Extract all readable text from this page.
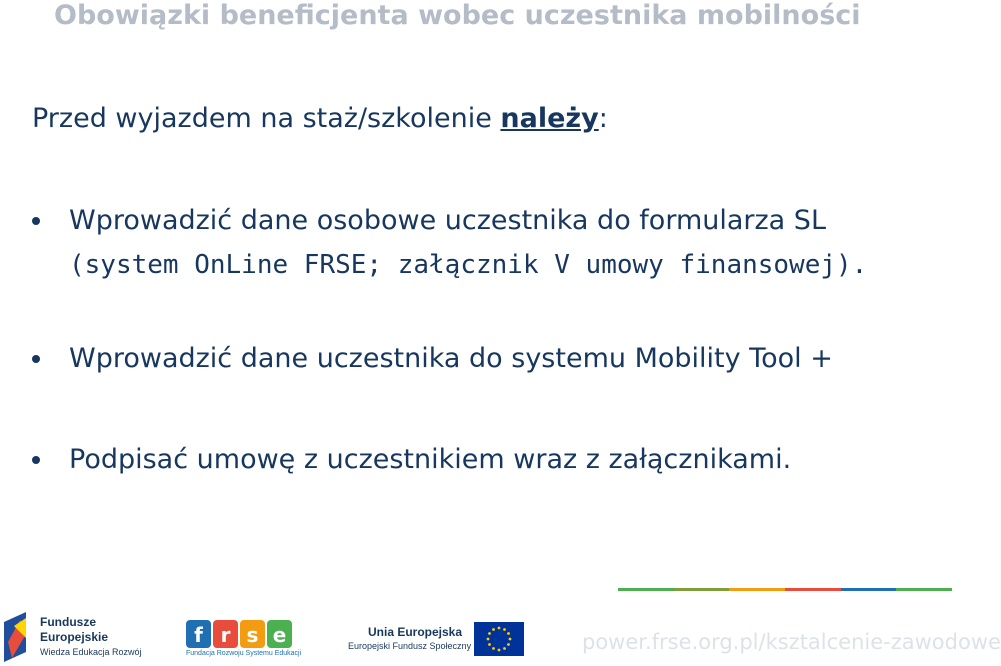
Obowiązki beneficjenta wobec uczestnika mobilności
Przed wyjazdem na staż/szkolenie należy:
Wprowadzić dane osobowe uczestnika do formularza SL
(system OnLine FRSE; załącznik V umowy finansowej).
Wprowadzić dane uczestnika do systemu Mobility Tool +
Podpisać umowę z uczestnikiem wraz z załącznikami.
Fundusze
Europejskie
Wiedza Edukacja Rozwój
f r s e
Fundacja Rozwoju Systemu Edukacji
Unia Europejska
Europejski Fundusz Społeczny	power.frse.org.pl/ksztalcenie-zawodowe
